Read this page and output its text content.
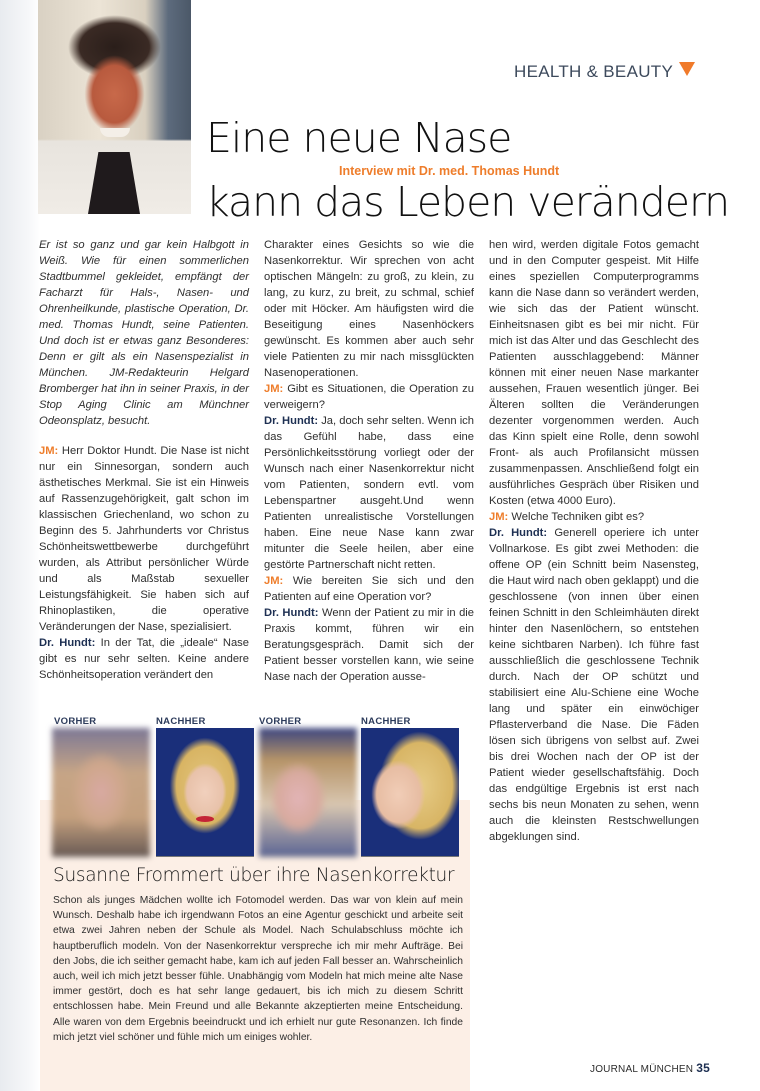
HEALTH & BEAUTY
Eine neue Nase
Interview mit Dr. med. Thomas Hundt
kann das Leben verändern

Er ist so ganz und gar kein Halbgott in Weiß. Wie für einen sommerlichen Stadtbummel gekleidet, empfängt der Facharzt für Hals-, Nasen- und Ohrenheilkunde, plastische Operation, Dr. med. Thomas Hundt, seine Patienten. Und doch ist er etwas ganz Besonderes: Denn er gilt als ein Nasenspezialist in München. JM-Redakteurin Helgard Bromberger hat ihn in seiner Praxis, in der Stop Aging Clinic am Münchner Odeonsplatz, besucht.

JM: Herr Doktor Hundt. Die Nase ist nicht nur ein Sinnesorgan, sondern auch ästhetisches Merkmal. Sie ist ein Hinweis auf Rassenzugehörigkeit, galt schon im klassischen Griechenland, wo schon zu Beginn des 5. Jahrhunderts vor Christus Schönheitswettbewerbe durchgeführt wurden, als Attribut persönlicher Würde und als Maßstab sexueller Leistungsfähigkeit. Sie haben sich auf Rhinoplastiken, die operative Veränderungen der Nase, spezialisiert.

Dr. Hundt: In der Tat, die „ideale“ Nase gibt es nur sehr selten. Keine andere Schönheitsoperation verändert den

Charakter eines Gesichts so wie die Nasenkorrektur. Wir sprechen von acht optischen Mängeln: zu groß, zu klein, zu lang, zu kurz, zu breit, zu schmal, schief oder mit Höcker. Am häufigsten wird die Beseitigung eines Nasenhöckers gewünscht. Es kommen aber auch sehr viele Patienten zu mir nach missglückten Nasenoperationen.

JM: Gibt es Situationen, die Operation zu verweigern?

Dr. Hundt: Ja, doch sehr selten. Wenn ich das Gefühl habe, dass eine Persönlichkeitsstörung vorliegt oder der Wunsch nach einer Nasenkorrektur nicht vom Patienten, sondern evtl. vom Lebenspartner ausgeht.Und wenn Patienten unrealistische Vorstellungen haben. Eine neue Nase kann zwar mitunter die Seele heilen, aber eine gestörte Partnerschaft nicht retten.

JM: Wie bereiten Sie sich und den Patienten auf eine Operation vor?

Dr. Hundt: Wenn der Patient zu mir in die Praxis kommt, führen wir ein Beratungsgespräch. Damit sich der Patient besser vorstellen kann, wie seine Nase nach der Operation ausse-

hen wird, werden digitale Fotos gemacht und in den Computer gespeist. Mit Hilfe eines speziellen Computerprogramms kann die Nase dann so verändert werden, wie sich das der Patient wünscht. Einheitsnasen gibt es bei mir nicht. Für mich ist das Alter und das Geschlecht des Patienten ausschlaggebend: Männer können mit einer neuen Nase markanter aussehen, Frauen wesentlich jünger. Bei Älteren sollten die Veränderungen dezenter vorgenommen werden. Auch das Kinn spielt eine Rolle, denn sowohl Front- als auch Profilansicht müssen zusammenpassen. Anschließend folgt ein ausführliches Gespräch über Risiken und Kosten (etwa 4000 Euro).

JM: Welche Techniken gibt es?

Dr. Hundt: Generell operiere ich unter Vollnarkose. Es gibt zwei Methoden: die offene OP (ein Schnitt beim Nasensteg, die Haut wird nach oben geklappt) und die geschlossene (von innen über einen feinen Schnitt in den Schleimhäuten direkt hinter den Nasenlöchern, so entstehen keine sichtbaren Narben). Ich führe fast ausschließlich die geschlossene Technik durch. Nach der OP schützt und stabilisiert eine Alu-Schiene eine Woche lang und später ein einwöchiger Pflasterverband die Nase. Die Fäden lösen sich übrigens von selbst auf. Zwei bis drei Wochen nach der OP ist der Patient wieder gesellschaftsfähig. Doch das endgültige Ergebnis ist erst nach sechs bis neun Monaten zu sehen, wenn auch die kleinsten Restschwellungen abgeklungen sind.

VORHER	NACHHER	VORHER	NACHHER
Susanne Frommert über ihre Nasenkorrektur
Schon als junges Mädchen wollte ich Fotomodel werden. Das war von klein auf mein Wunsch. Deshalb habe ich irgendwann Fotos an eine Agentur geschickt und arbeite seit etwa zwei Jahren neben der Schule als Model. Nach Schulabschluss möchte ich hauptberuflich modeln. Von der Nasenkorrektur verspreche ich mir mehr Aufträge. Bei den Jobs, die ich seither gemacht habe, kam ich auf jeden Fall besser an. Wahrscheinlich auch, weil ich mich jetzt besser fühle. Unabhängig vom Modeln hat mich meine alte Nase immer gestört, doch es hat sehr lange gedauert, bis ich mich zu diesem Schritt entschlossen habe. Mein Freund und alle Bekannte akzeptierten meine Entscheidung. Alle waren von dem Ergebnis beeindruckt und ich erhielt nur gute Resonanzen. Ich finde mich jetzt viel schöner und fühle mich um einiges wohler.
JOURNAL MÜNCHEN 35
